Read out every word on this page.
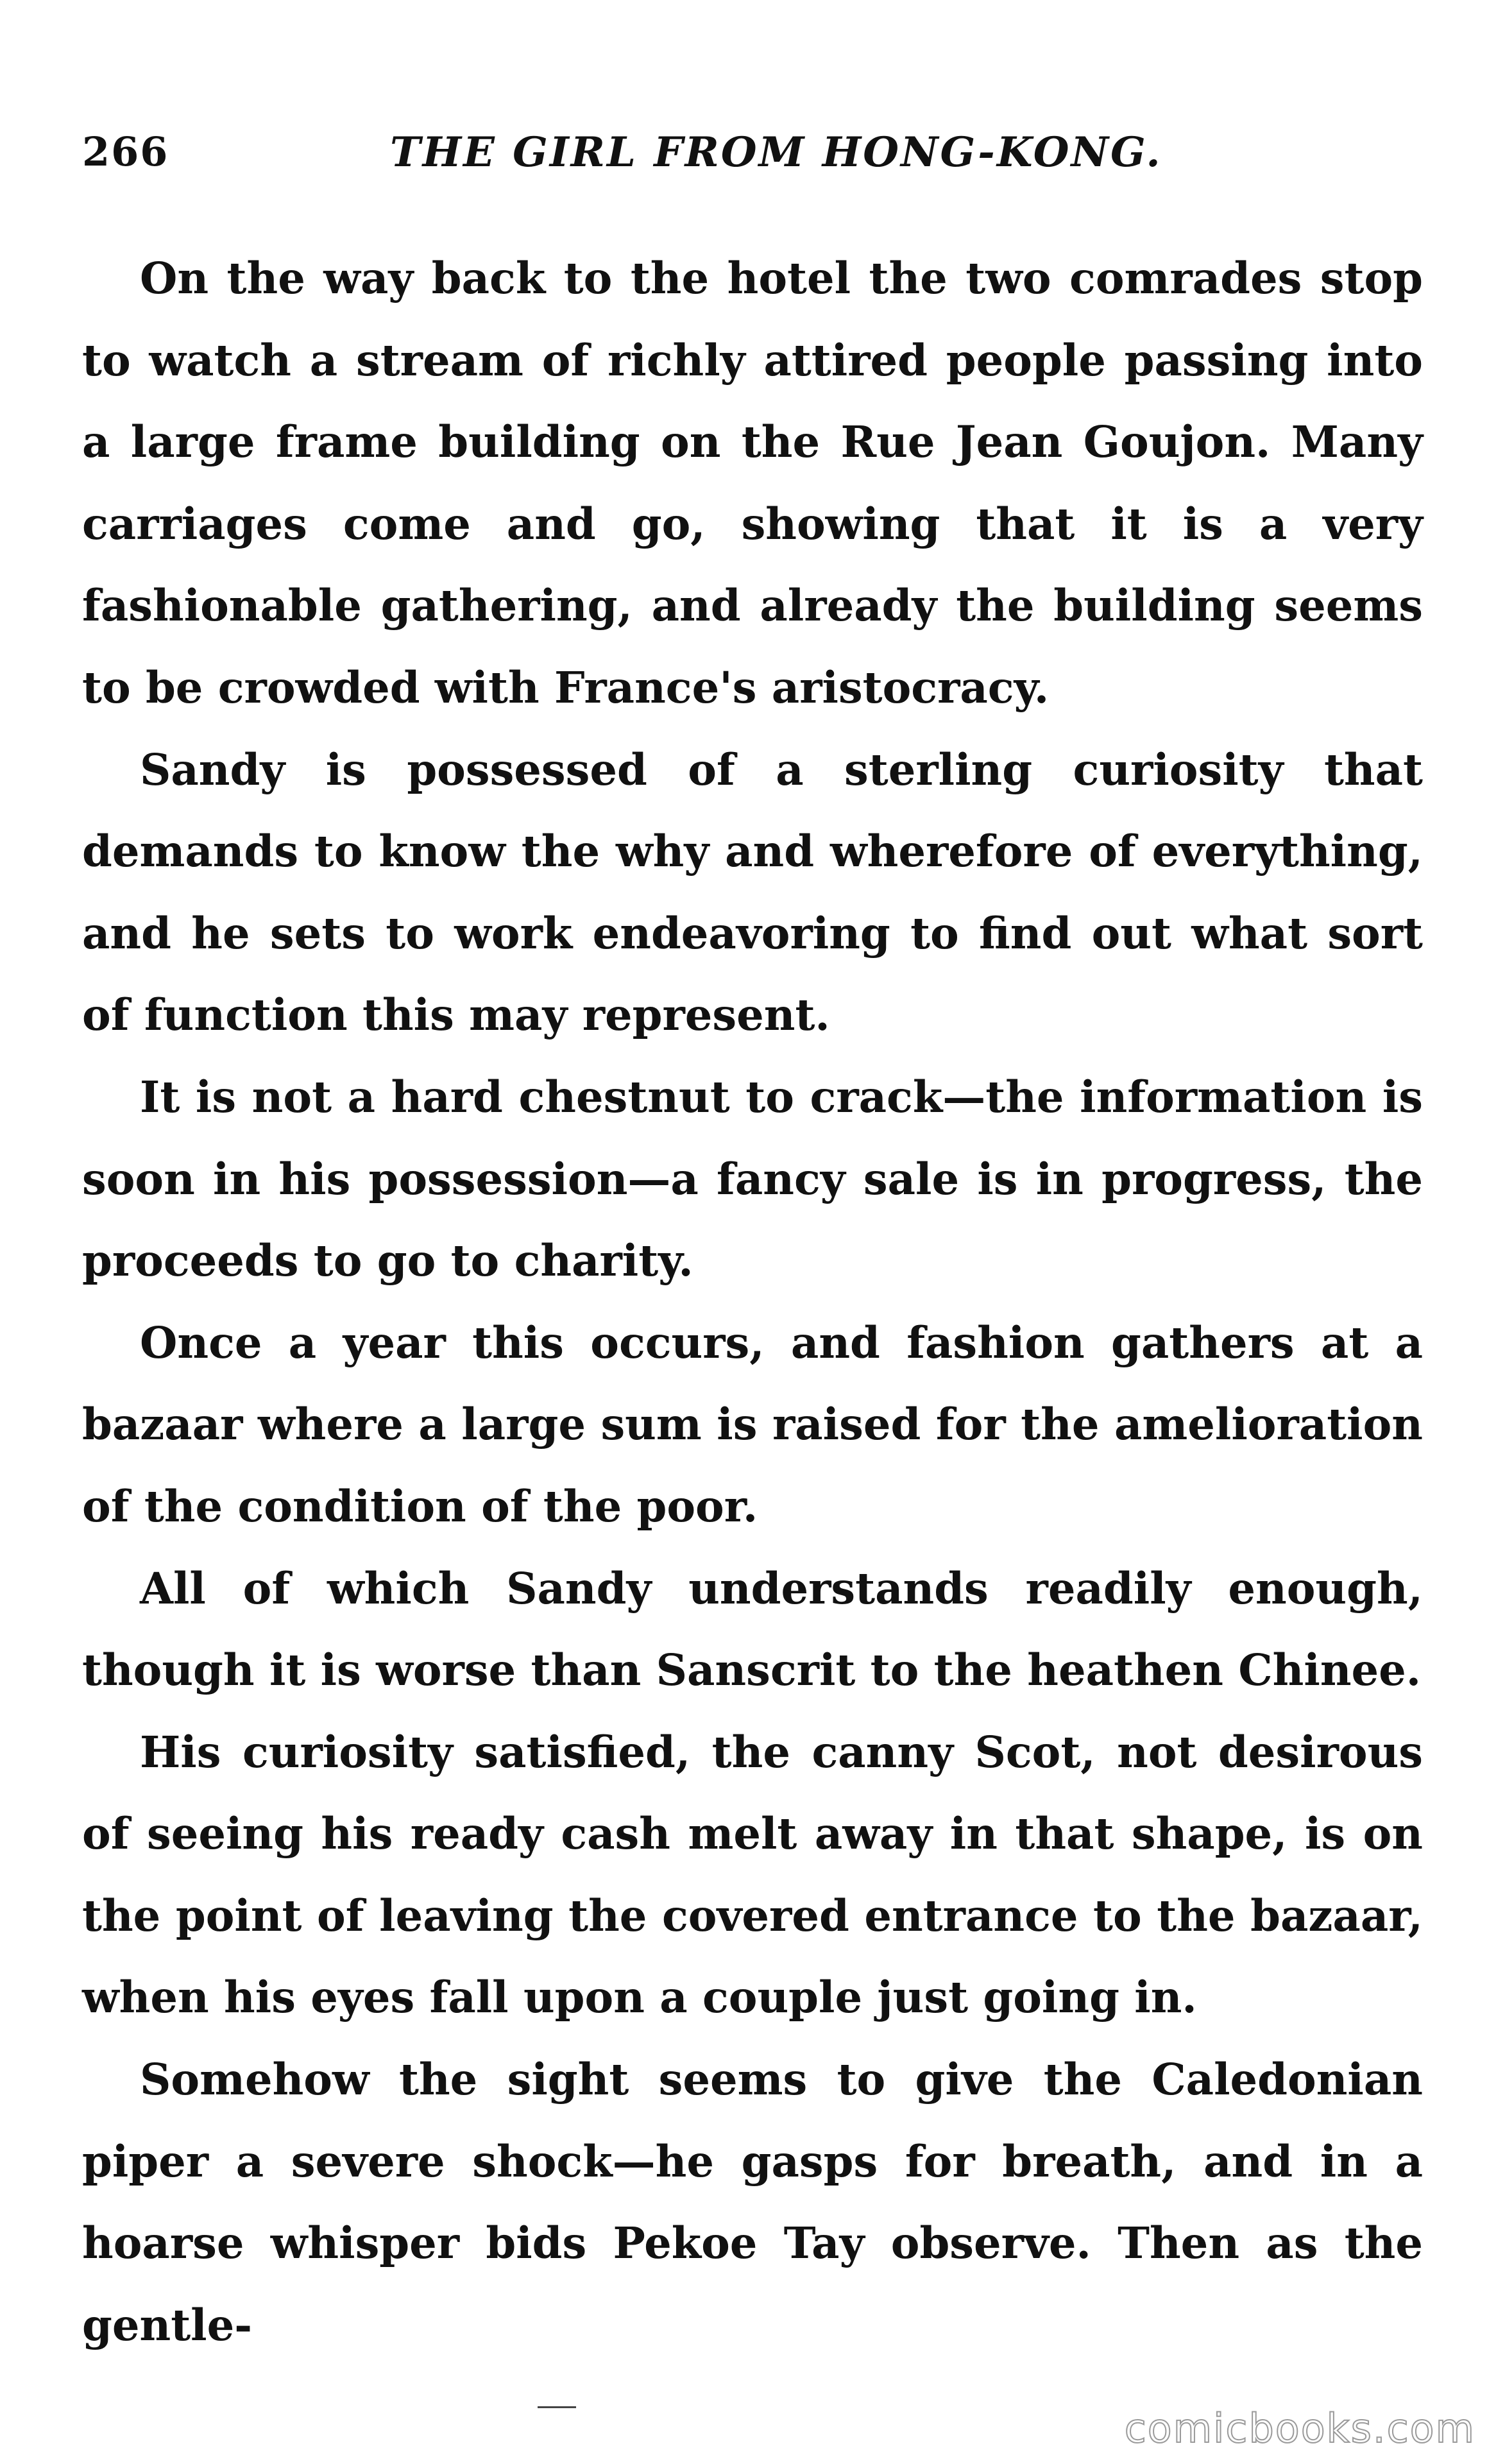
266	THE GIRL FROM HONG-KONG.

On the way back to the hotel the two comrades stop to watch a stream of richly attired people passing into a large frame building on the Rue Jean Goujon. Many carriages come and go, showing that it is a very fashionable gathering, and already the building seems to be crowded with France's aristocracy.

Sandy is possessed of a sterling curiosity that demands to know the why and wherefore of everything, and he sets to work endeavoring to find out what sort of function this may represent.

It is not a hard chestnut to crack—the information is soon in his possession—a fancy sale is in progress, the proceeds to go to charity.

Once a year this occurs, and fashion gathers at a bazaar where a large sum is raised for the amelioration of the condition of the poor.

All of which Sandy understands readily enough, though it is worse than Sanscrit to the heathen Chinee.

His curiosity satisfied, the canny Scot, not desirous of seeing his ready cash melt away in that shape, is on the point of leaving the covered entrance to the bazaar, when his eyes fall upon a couple just going in.

Somehow the sight seems to give the Caledonian piper a severe shock—he gasps for breath, and in a hoarse whisper bids Pekoe Tay observe. Then as the gentle-

comicbooks.com
